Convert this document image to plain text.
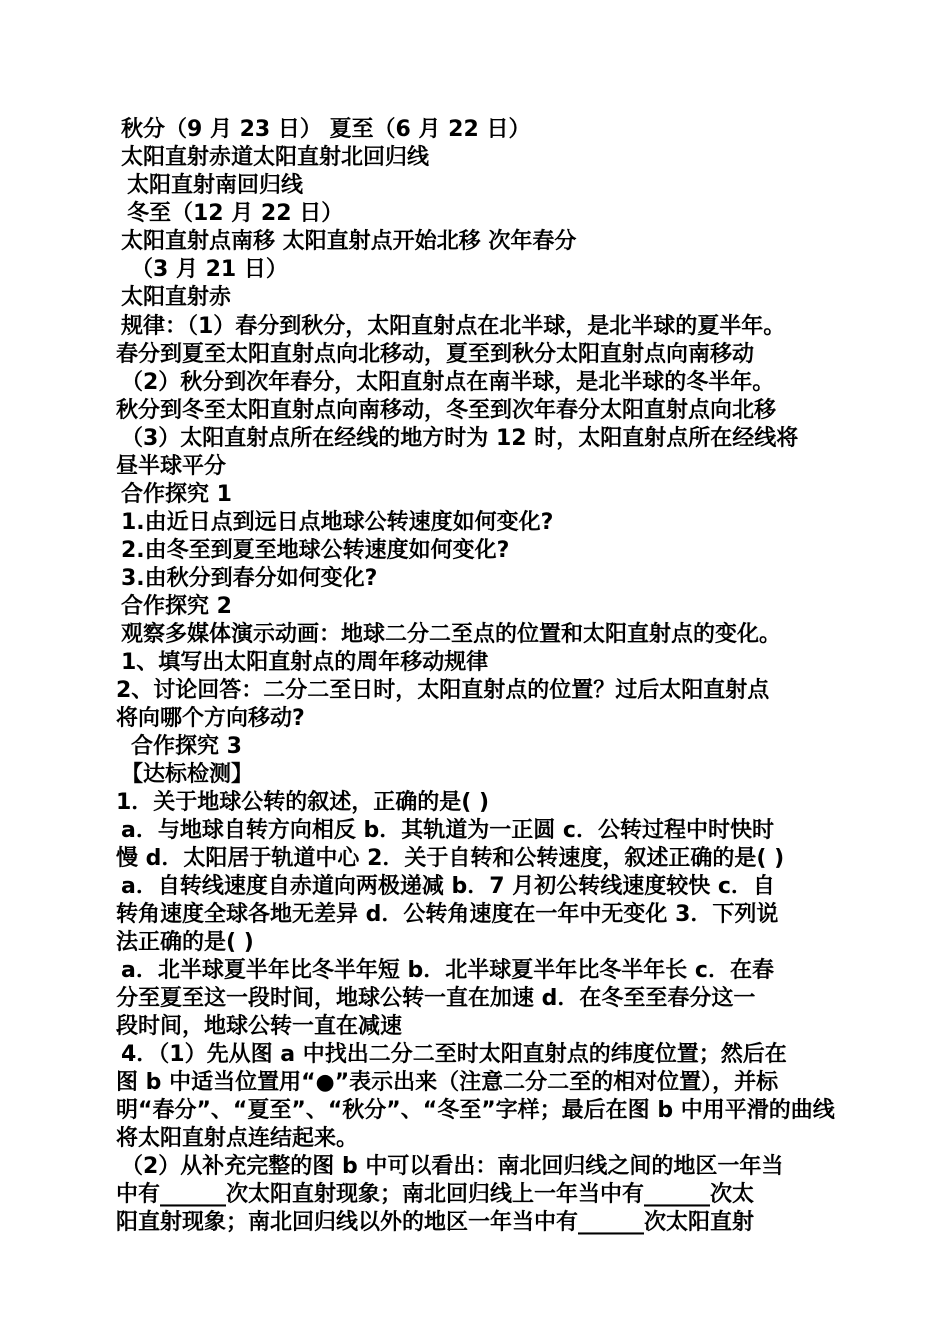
秋分（9 月 23 日） 夏至（6 月 22 日）
太阳直射赤道太阳直射北回归线
太阳直射南回归线
冬至（12 月 22 日）
太阳直射点南移 太阳直射点开始北移 次年春分
（3 月 21 日）
太阳直射赤
规律：（1）春分到秋分，太阳直射点在北半球，是北半球的夏半年。
春分到夏至太阳直射点向北移动，夏至到秋分太阳直射点向南移动
（2）秋分到次年春分，太阳直射点在南半球，是北半球的冬半年。
秋分到冬至太阳直射点向南移动，冬至到次年春分太阳直射点向北移
（3）太阳直射点所在经线的地方时为 12 时，太阳直射点所在经线将
昼半球平分
合作探究 1
1.由近日点到远日点地球公转速度如何变化?
2.由冬至到夏至地球公转速度如何变化?
3.由秋分到春分如何变化?
合作探究 2
观察多媒体演示动画：地球二分二至点的位置和太阳直射点的变化。
1、填写出太阳直射点的周年移动规律
2、讨论回答：二分二至日时，太阳直射点的位置？过后太阳直射点
将向哪个方向移动?
合作探究 3
【达标检测】
1．关于地球公转的叙述，正确的是( )
a．与地球自转方向相反 b．其轨道为一正圆 c．公转过程中时快时
慢 d．太阳居于轨道中心 2．关于自转和公转速度，叙述正确的是( )
a．自转线速度自赤道向两极递减 b．7 月初公转线速度较快 c．自
转角速度全球各地无差异 d．公转角速度在一年中无变化 3．下列说
法正确的是( )
a．北半球夏半年比冬半年短 b．北半球夏半年比冬半年长 c．在春
分至夏至这一段时间，地球公转一直在加速 d．在冬至至春分这一
段时间，地球公转一直在减速
4．（1）先从图 a 中找出二分二至时太阳直射点的纬度位置；然后在
图 b 中适当位置用“●”表示出来（注意二分二至的相对位置），并标
明“春分”、“夏至”、“秋分”、“冬至”字样；最后在图 b 中用平滑的曲线
将太阳直射点连结起来。
（2）从补充完整的图 b 中可以看出：南北回归线之间的地区一年当
中有______次太阳直射现象；南北回归线上一年当中有______次太
阳直射现象；南北回归线以外的地区一年当中有______次太阳直射
